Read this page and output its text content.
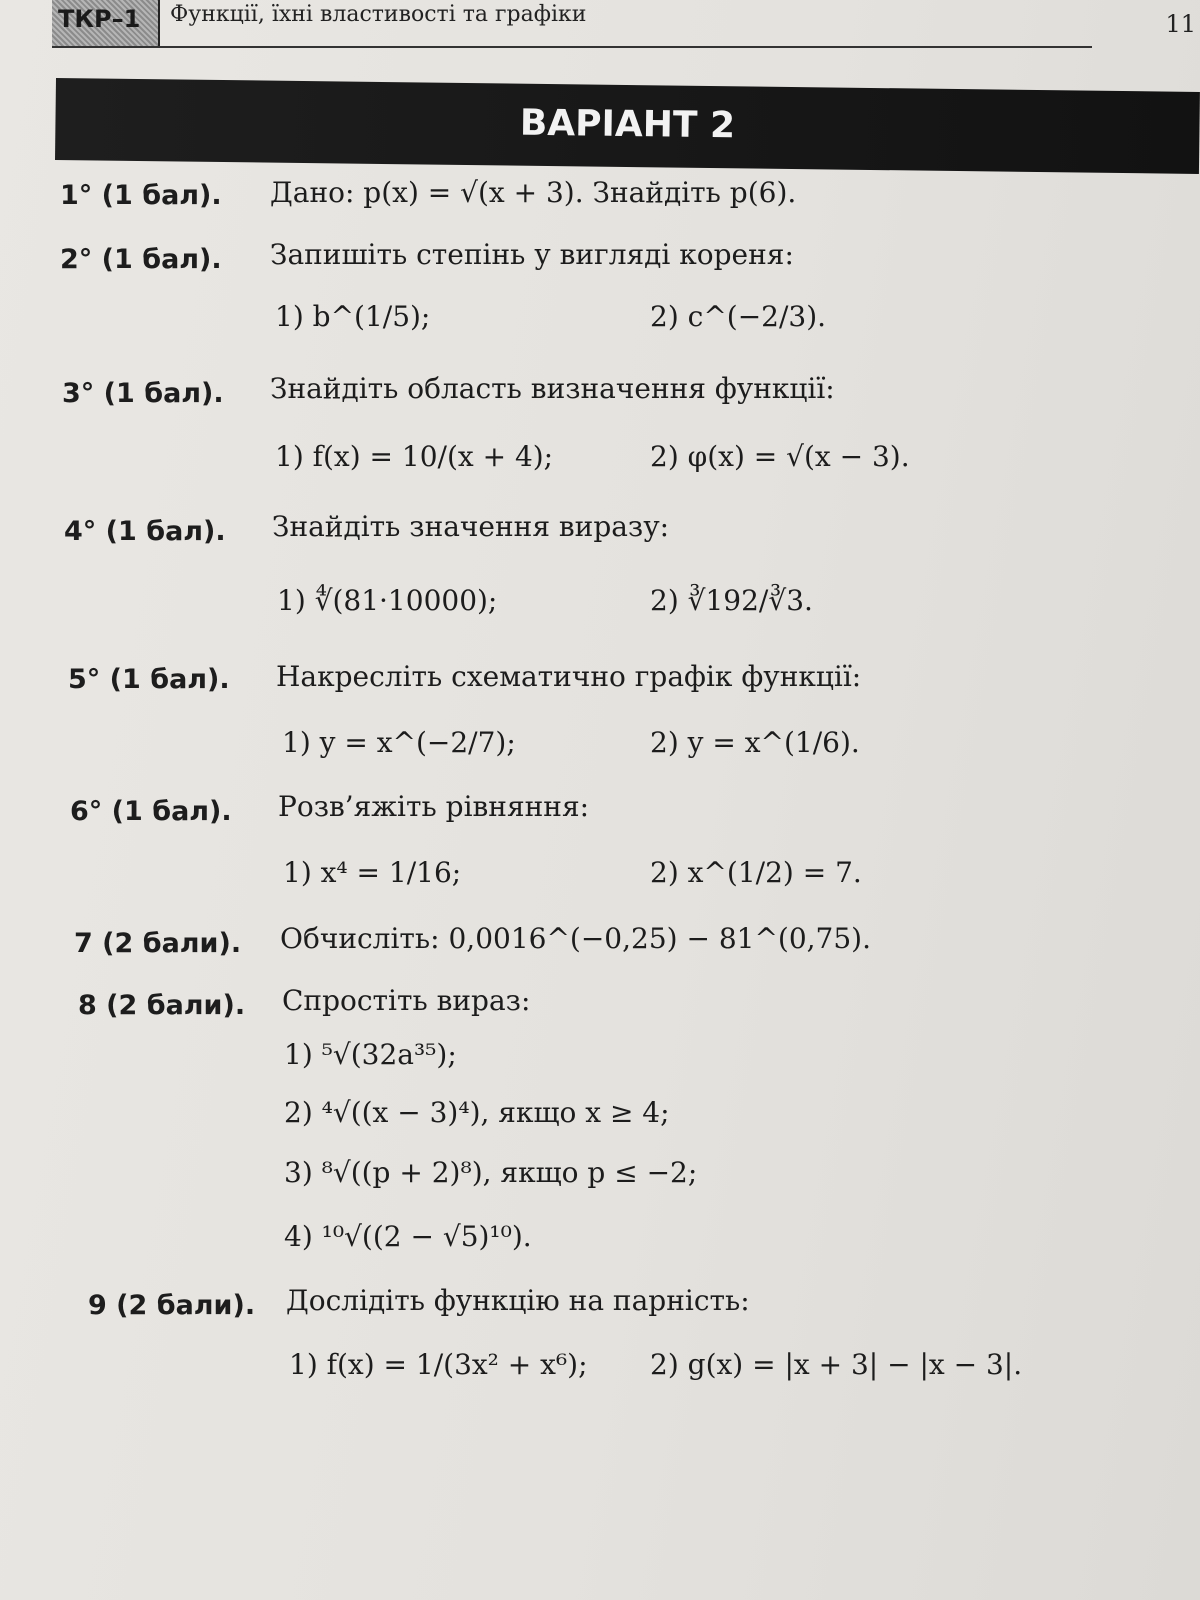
ТКР–1	Функції, їхні властивості та графіки	11
ВАРІАНТ 2
1° (1 бал). Дано: p(x) = √(x + 3). Знайдіть p(6).
2° (1 бал). Запишіть степінь у вигляді кореня:
1) b^(1/5);	2) c^(−2/3).
3° (1 бал). Знайдіть область визначення функції:
1) f(x) = 10/(x + 4);	2) φ(x) = √(x − 3).
4° (1 бал). Знайдіть значення виразу:
1) ∜(81·10000);	2) ∛192/∛3.
5° (1 бал). Накресліть схематично графік функції:
1) y = x^(−2/7);	2) y = x^(1/6).
6° (1 бал). Розв’яжіть рівняння:
1) x⁴ = 1/16;	2) x^(1/2) = 7.
7 (2 бали). Обчисліть: 0,0016^(−0,25) − 81^(0,75).
8 (2 бали). Спростіть вираз:
1) ⁵√(32a³⁵);
2) ⁴√((x − 3)⁴), якщо x ≥ 4;
3) ⁸√((p + 2)⁸), якщо p ≤ −2;
4) ¹⁰√((2 − √5)¹⁰).
9 (2 бали). Дослідіть функцію на парність:
1) f(x) = 1/(3x² + x⁶); 2) g(x) = |x + 3| − |x − 3|.
